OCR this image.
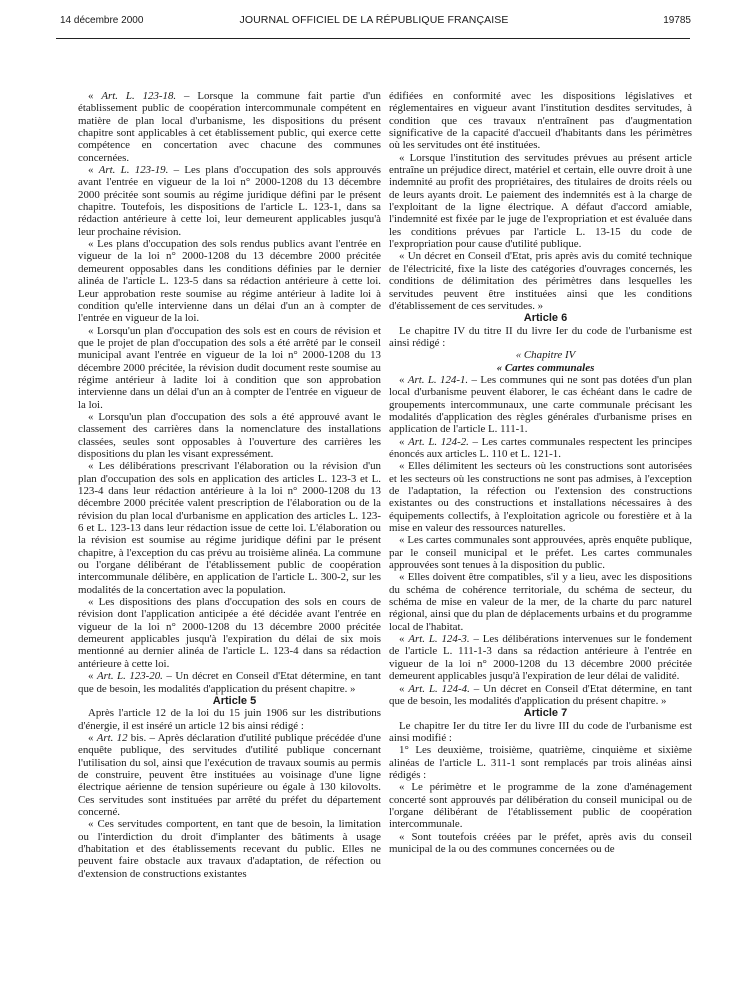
14 décembre 2000	JOURNAL OFFICIEL DE LA RÉPUBLIQUE FRANÇAISE	19785

« Art. L. 123-18. – Lorsque la commune fait partie d'un établissement public de coopération intercommunale compétent en matière de plan local d'urbanisme, les dispositions du présent chapitre sont applicables à cet établissement public, qui exerce cette compétence en concertation avec chacune des communes concernées.

« Art. L. 123-19. – Les plans d'occupation des sols approuvés avant l'entrée en vigueur de la loi n° 2000-1208 du 13 décembre 2000 précitée sont soumis au régime juridique défini par le présent chapitre. Toutefois, les dispositions de l'article L. 123-1, dans sa rédaction antérieure à cette loi, leur demeurent applicables jusqu'à leur prochaine révision.

« Les plans d'occupation des sols rendus publics avant l'entrée en vigueur de la loi n° 2000-1208 du 13 décembre 2000 précitée demeurent opposables dans les conditions définies par le dernier alinéa de l'article L. 123-5 dans sa rédaction antérieure à cette loi. Leur approbation reste soumise au régime antérieur à ladite loi à condition qu'elle intervienne dans un délai d'un an à compter de l'entrée en vigueur de la loi.

« Lorsqu'un plan d'occupation des sols est en cours de révision et que le projet de plan d'occupation des sols a été arrêté par le conseil municipal avant l'entrée en vigueur de la loi n° 2000-1208 du 13 décembre 2000 précitée, la révision dudit document reste soumise au régime antérieur à ladite loi à condition que son approbation intervienne dans un délai d'un an à compter de l'entrée en vigueur de la loi.

« Lorsqu'un plan d'occupation des sols a été approuvé avant le classement des carrières dans la nomenclature des installations classées, seules sont opposables à l'ouverture des carrières les dispositions du plan les visant expressément.

« Les délibérations prescrivant l'élaboration ou la révision d'un plan d'occupation des sols en application des articles L. 123-3 et L. 123-4 dans leur rédaction antérieure à la loi n° 2000-1208 du 13 décembre 2000 précitée valent prescription de l'élaboration ou de la révision du plan local d'urbanisme en application des articles L. 123-6 et L. 123-13 dans leur rédaction issue de cette loi. L'élaboration ou la révision est soumise au régime juridique défini par le présent chapitre, à l'exception du cas prévu au troisième alinéa. La commune ou l'organe délibérant de l'établissement public de coopération intercommunale délibère, en application de l'article L. 300-2, sur les modalités de la concertation avec la population.

« Les dispositions des plans d'occupation des sols en cours de révision dont l'application anticipée a été décidée avant l'entrée en vigueur de la loi n° 2000-1208 du 13 décembre 2000 précitée demeurent applicables jusqu'à l'expiration du délai de six mois mentionné au dernier alinéa de l'article L. 123-4 dans sa rédaction antérieure à cette loi.

« Art. L. 123-20. – Un décret en Conseil d'Etat détermine, en tant que de besoin, les modalités d'application du présent chapitre. »

Article 5

Après l'article 12 de la loi du 15 juin 1906 sur les distributions d'énergie, il est inséré un article 12 bis ainsi rédigé :

« Art. 12 bis. – Après déclaration d'utilité publique précédée d'une enquête publique, des servitudes d'utilité publique concernant l'utilisation du sol, ainsi que l'exécution de travaux soumis au permis de construire, peuvent être instituées au voisinage d'une ligne électrique aérienne de tension supérieure ou égale à 130 kilovolts. Ces servitudes sont instituées par arrêté du préfet du département concerné.

« Ces servitudes comportent, en tant que de besoin, la limitation ou l'interdiction du droit d'implanter des bâtiments à usage d'habitation et des établissements recevant du public. Elles ne peuvent faire obstacle aux travaux d'adaptation, de réfection ou d'extension de constructions existantes

édifiées en conformité avec les dispositions législatives et réglementaires en vigueur avant l'institution desdites servitudes, à condition que ces travaux n'entraînent pas d'augmentation significative de la capacité d'accueil d'habitants dans les périmètres où les servitudes ont été instituées.

« Lorsque l'institution des servitudes prévues au présent article entraîne un préjudice direct, matériel et certain, elle ouvre droit à une indemnité au profit des propriétaires, des titulaires de droits réels ou de leurs ayants droit. Le paiement des indemnités est à la charge de l'exploitant de la ligne électrique. A défaut d'accord amiable, l'indemnité est fixée par le juge de l'expropriation et est évaluée dans les conditions prévues par l'article L. 13-15 du code de l'expropriation pour cause d'utilité publique.

« Un décret en Conseil d'Etat, pris après avis du comité technique de l'électricité, fixe la liste des catégories d'ouvrages concernés, les conditions de délimitation des périmètres dans lesquelles les servitudes peuvent être instituées ainsi que les conditions d'établissement de ces servitudes. »

Article 6

Le chapitre IV du titre II du livre Ier du code de l'urbanisme est ainsi rédigé :

« Chapitre IV

« Cartes communales

« Art. L. 124-1. – Les communes qui ne sont pas dotées d'un plan local d'urbanisme peuvent élaborer, le cas échéant dans le cadre de groupements intercommunaux, une carte communale précisant les modalités d'application des règles générales d'urbanisme prises en application de l'article L. 111-1.

« Art. L. 124-2. – Les cartes communales respectent les principes énoncés aux articles L. 110 et L. 121-1.

« Elles délimitent les secteurs où les constructions sont autorisées et les secteurs où les constructions ne sont pas admises, à l'exception de l'adaptation, la réfection ou l'extension des constructions existantes ou des constructions et installations nécessaires à des équipements collectifs, à l'exploitation agricole ou forestière et à la mise en valeur des ressources naturelles.

« Les cartes communales sont approuvées, après enquête publique, par le conseil municipal et le préfet. Les cartes communales approuvées sont tenues à la disposition du public.

« Elles doivent être compatibles, s'il y a lieu, avec les dispositions du schéma de cohérence territoriale, du schéma de secteur, du schéma de mise en valeur de la mer, de la charte du parc naturel régional, ainsi que du plan de déplacements urbains et du programme local de l'habitat.

« Art. L. 124-3. – Les délibérations intervenues sur le fondement de l'article L. 111-1-3 dans sa rédaction antérieure à l'entrée en vigueur de la loi n° 2000-1208 du 13 décembre 2000 précitée demeurent applicables jusqu'à l'expiration de leur délai de validité.

« Art. L. 124-4. – Un décret en Conseil d'Etat détermine, en tant que de besoin, les modalités d'application du présent chapitre. »

Article 7

Le chapitre Ier du titre Ier du livre III du code de l'urbanisme est ainsi modifié :

1° Les deuxième, troisième, quatrième, cinquième et sixième alinéas de l'article L. 311-1 sont remplacés par trois alinéas ainsi rédigés :

« Le périmètre et le programme de la zone d'aménagement concerté sont approuvés par délibération du conseil municipal ou de l'organe délibérant de l'établissement public de coopération intercommunale.

« Sont toutefois créées par le préfet, après avis du conseil municipal de la ou des communes concernées ou de
